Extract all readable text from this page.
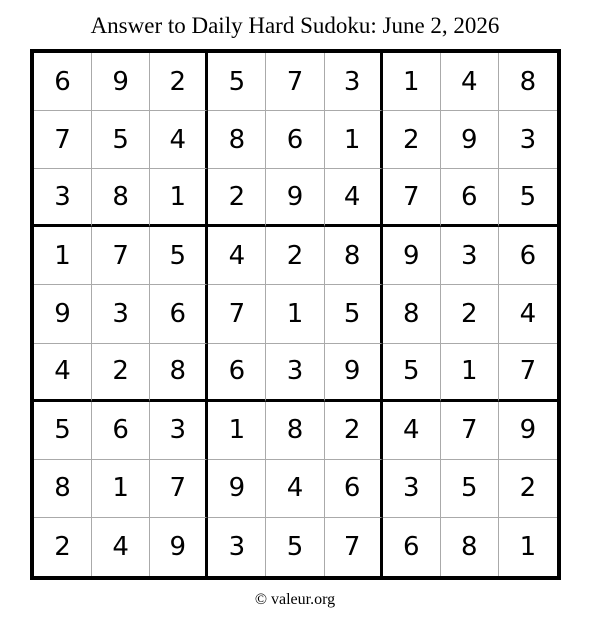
Answer to Daily Hard Sudoku: June 2, 2026
6	9	2	5	7	3	1	4	8
7	5	4	8	6	1	2	9	3
3	8	1	2	9	4	7	6	5
1	7	5	4	2	8	9	3	6
9	3	6	7	1	5	8	2	4
4	2	8	6	3	9	5	1	7
5	6	3	1	8	2	4	7	9
8	1	7	9	4	6	3	5	2
2	4	9	3	5	7	6	8	1
© valeur.org
